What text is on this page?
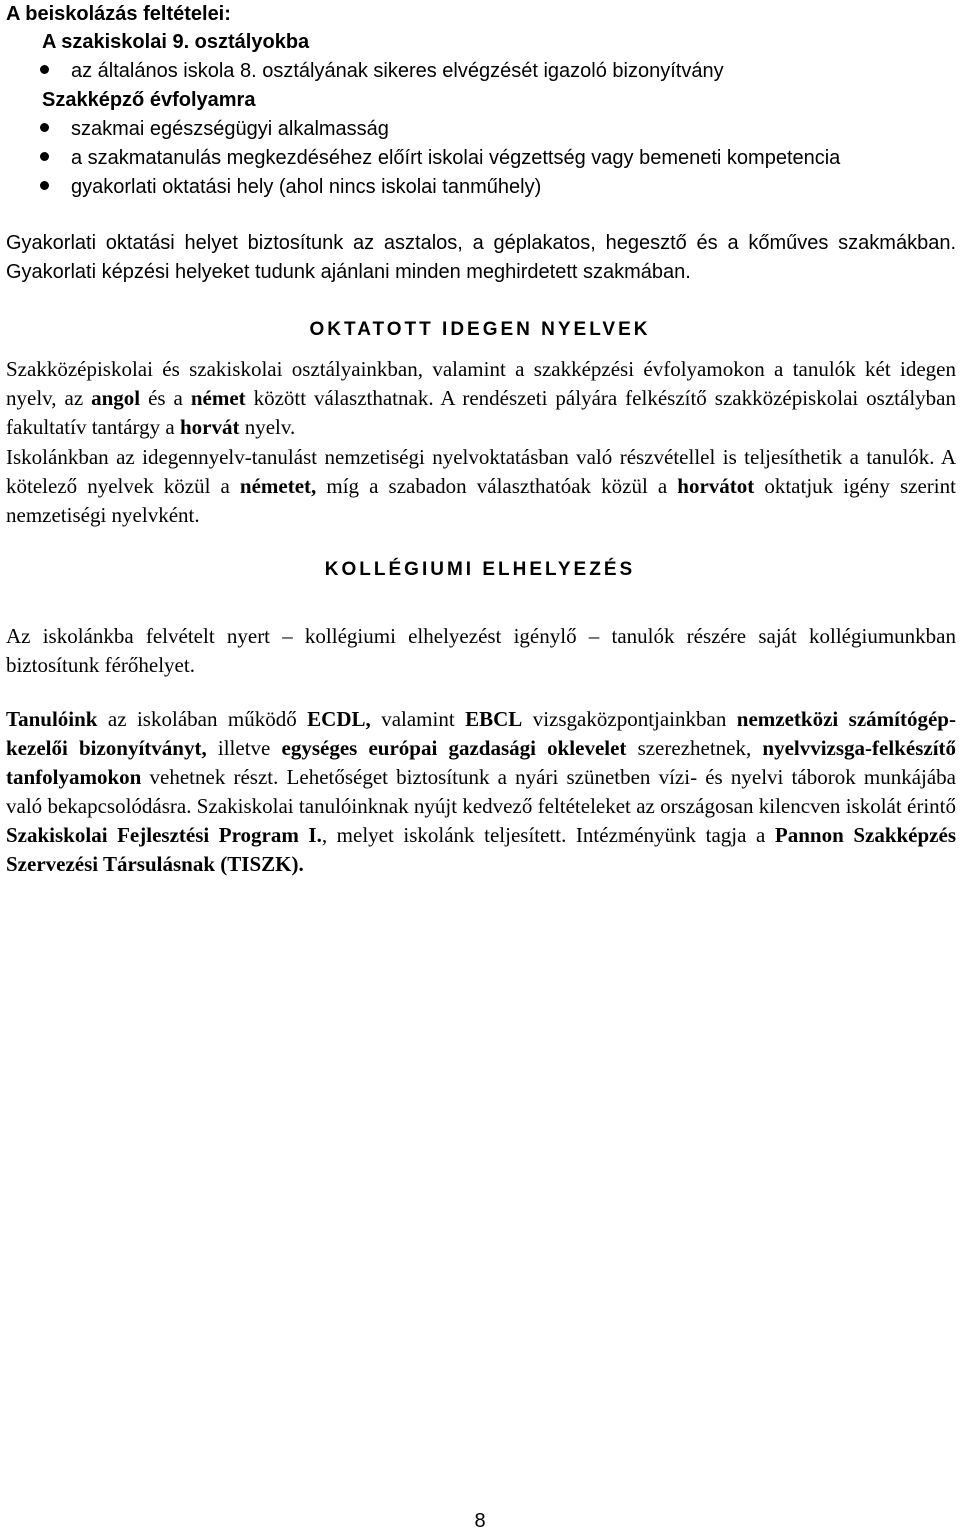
A beiskolázás feltételei:
A szakiskolai 9. osztályokba
az általános iskola 8. osztályának sikeres elvégzését igazoló bizonyítvány
Szakképző évfolyamra
szakmai egészségügyi alkalmasság
a szakmatanulás megkezdéséhez előírt iskolai végzettség vagy bemeneti kompetencia
gyakorlati oktatási hely (ahol nincs iskolai tanműhely)
Gyakorlati oktatási helyet biztosítunk az asztalos, a géplakatos, hegesztő és a kőműves szakmákban. Gyakorlati képzési helyeket tudunk ajánlani minden meghirdetett szakmában.
OKTATOTT IDEGEN NYELVEK
Szakközépiskolai és szakiskolai osztályainkban, valamint a szakképzési évfolyamokon a tanulók két idegen nyelv, az angol és a német között választhatnak. A rendészeti pályára felkészítő szakközépiskolai osztályban fakultatív tantárgy a horvát nyelv.
Iskolánkban az idegennyelv-tanulást nemzetiségi nyelvoktatásban való részvétellel is teljesíthetik a tanulók. A kötelező nyelvek közül a németet, míg a szabadon választhatóak közül a horvátot oktatjuk igény szerint nemzetiségi nyelvként.
KOLLÉGIUMI ELHELYEZÉS
Az iskolánkba felvételt nyert – kollégiumi elhelyezést igénylő – tanulók részére saját kollégiumunkban biztosítunk férőhelyet.
Tanulóink az iskolában működő ECDL, valamint EBCL vizsgaközpontjainkban nemzetközi számítógép-kezelői bizonyítványt, illetve egységes európai gazdasági oklevelet szerezhetnek, nyelvvizsga-felkészítő tanfolyamokon vehetnek részt. Lehetőséget biztosítunk a nyári szünetben vízi- és nyelvi táborok munkájába való bekapcsolódásra. Szakiskolai tanulóinknak nyújt kedvező feltételeket az országosan kilencven iskolát érintő Szakiskolai Fejlesztési Program I., melyet iskolánk teljesített. Intézményünk tagja a Pannon Szakképzés Szervezési Társulásnak (TISZK).
8
